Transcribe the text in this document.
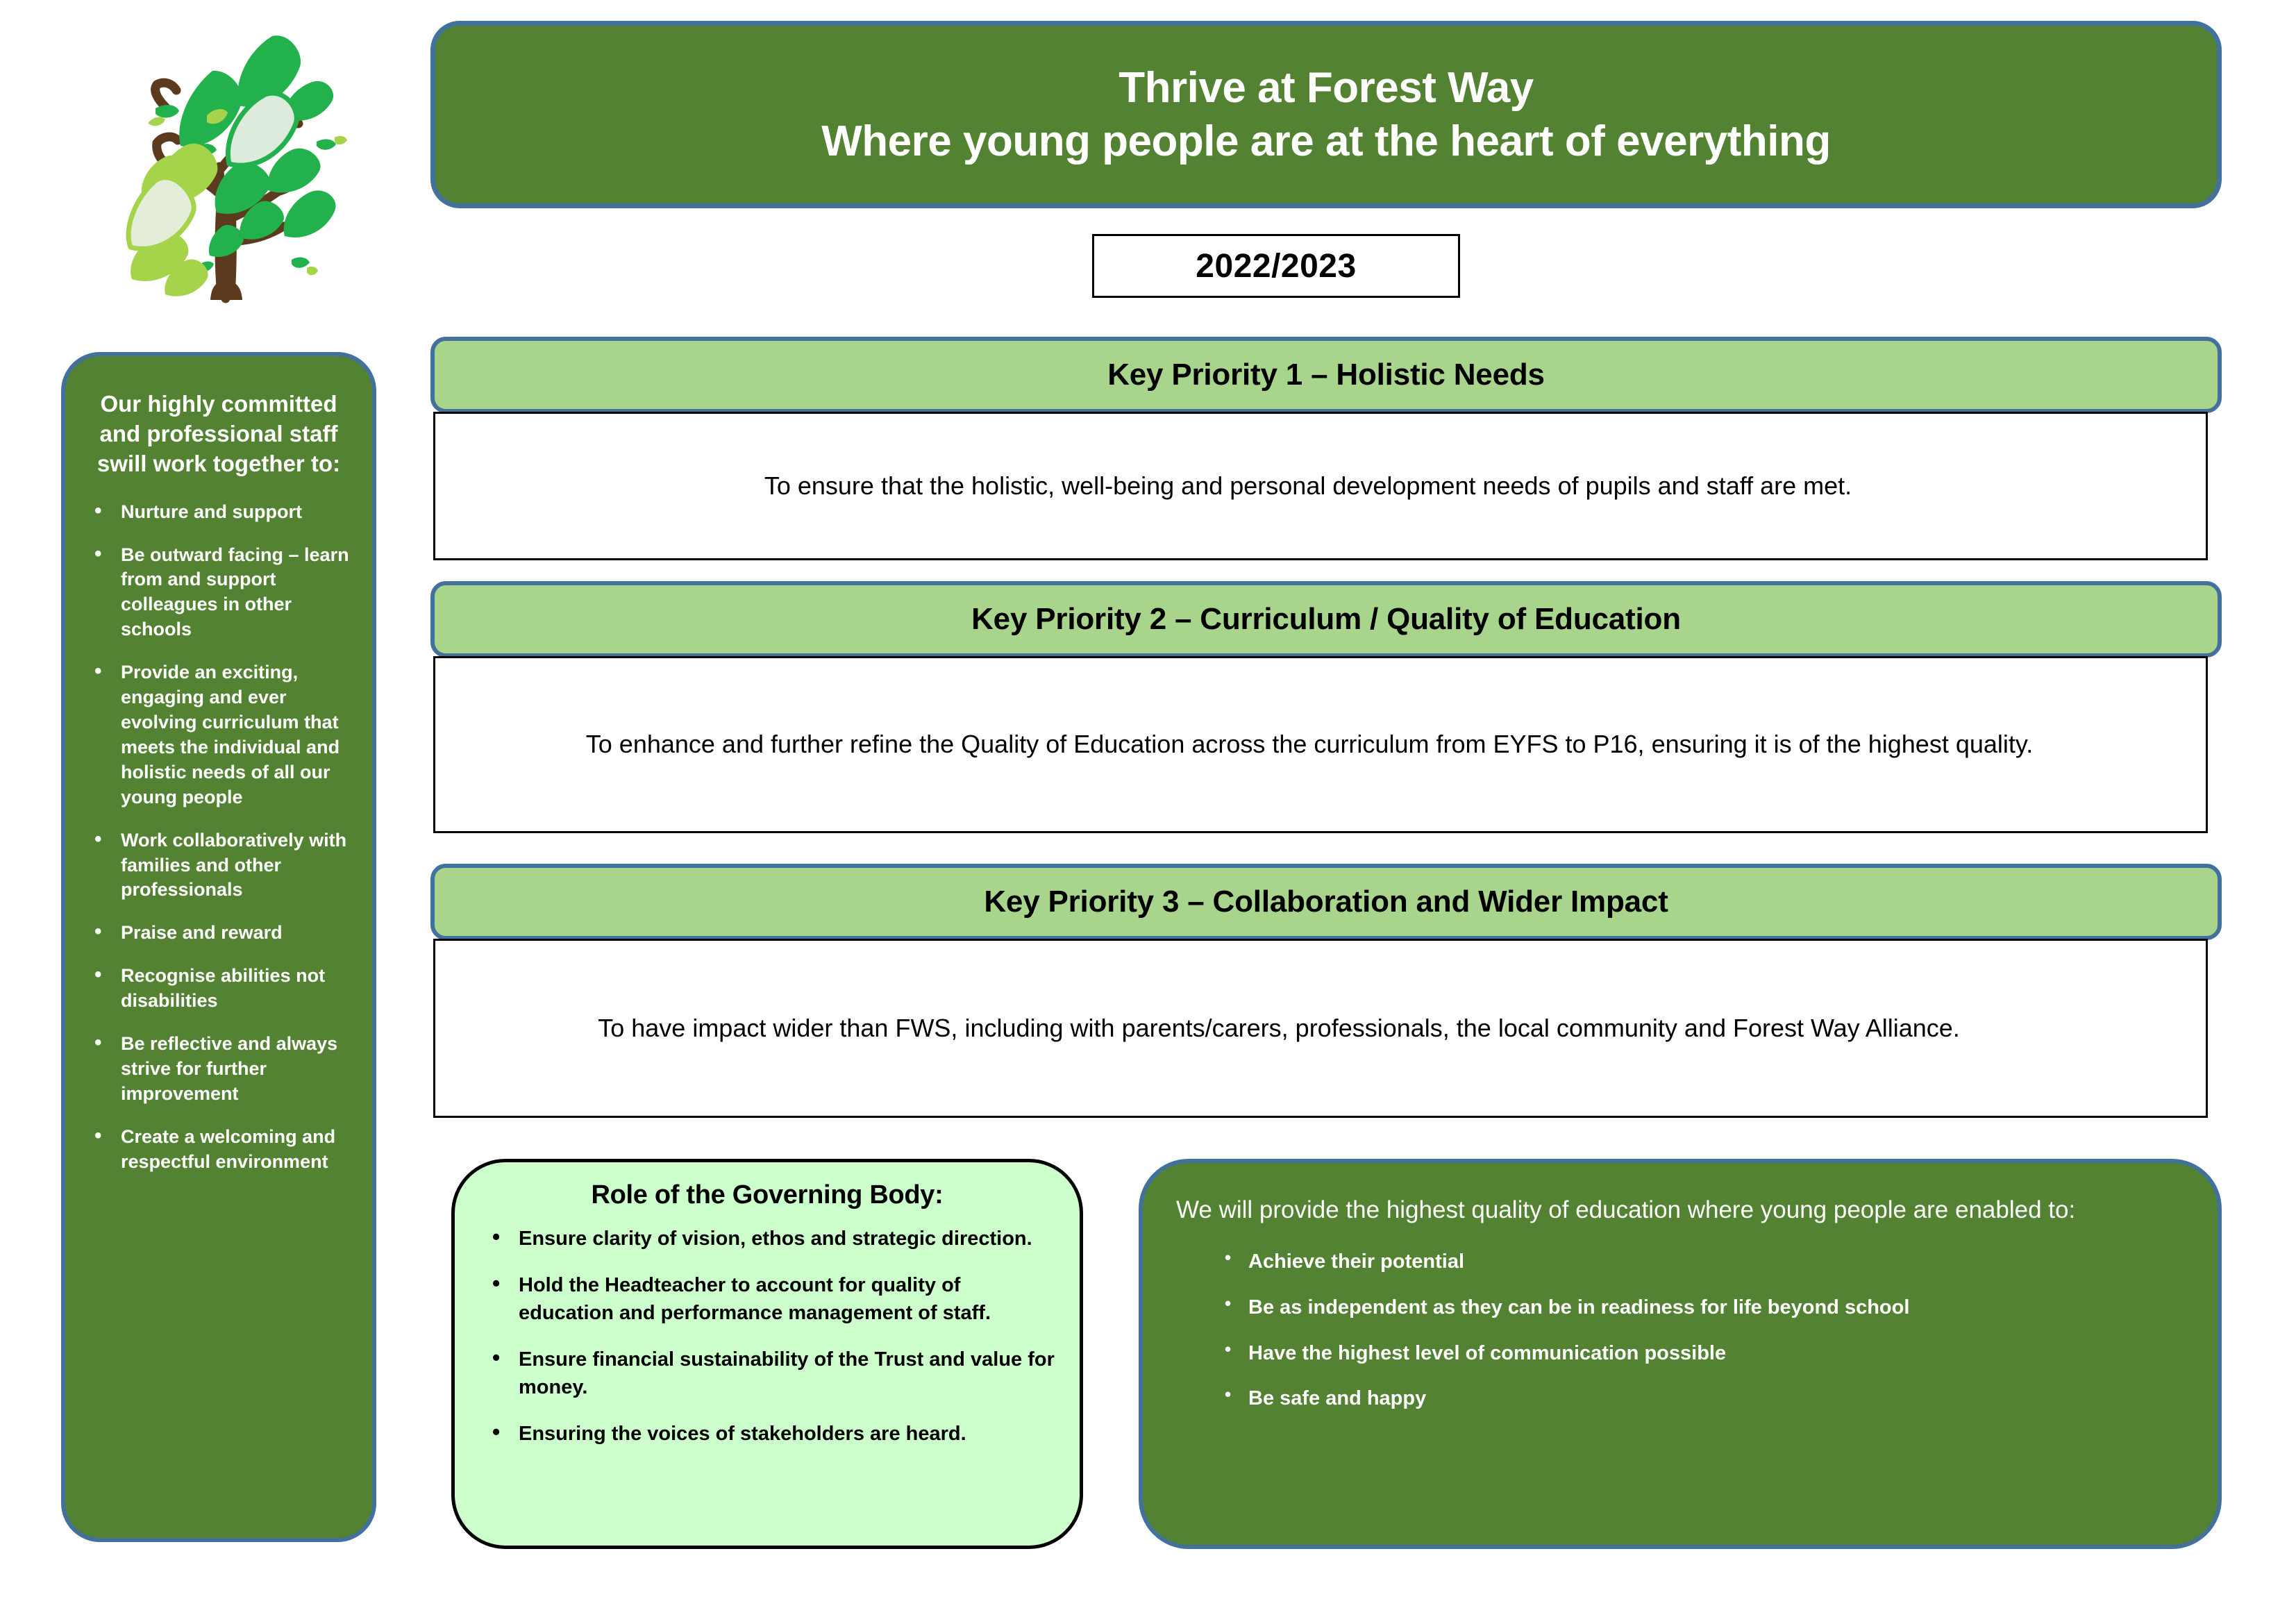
Thrive at Forest Way
Where young people are at the heart of everything
2022/2023
Our highly committed and professional staff swill work together to:
• Nurture and support
• Be outward facing – learn from and support colleagues in other schools
• Provide an exciting, engaging and ever evolving curriculum that meets the individual and holistic needs of all our young people
• Work collaboratively with families and other professionals
• Praise and reward
• Recognise abilities not disabilities
• Be reflective and always strive for further improvement
• Create a welcoming and respectful environment
Key Priority 1 – Holistic Needs
To ensure that the holistic, well-being and personal development needs of pupils and staff are met.
Key Priority 2 – Curriculum / Quality of Education
To enhance and further refine the Quality of Education across the curriculum from EYFS to P16, ensuring it is of the highest quality.
Key Priority 3 – Collaboration and Wider Impact
To have impact wider than FWS, including with parents/carers, professionals, the local community and Forest Way Alliance.
Role of the Governing Body:
• Ensure clarity of vision, ethos and strategic direction.
• Hold the Headteacher to account for quality of education and performance management of staff.
• Ensure financial sustainability of the Trust and value for money.
• Ensuring the voices of stakeholders are heard.
We will provide the highest quality of education where young people are enabled to:
• Achieve their potential
• Be as independent as they can be in readiness for life beyond school
• Have the highest level of communication possible
• Be safe and happy
